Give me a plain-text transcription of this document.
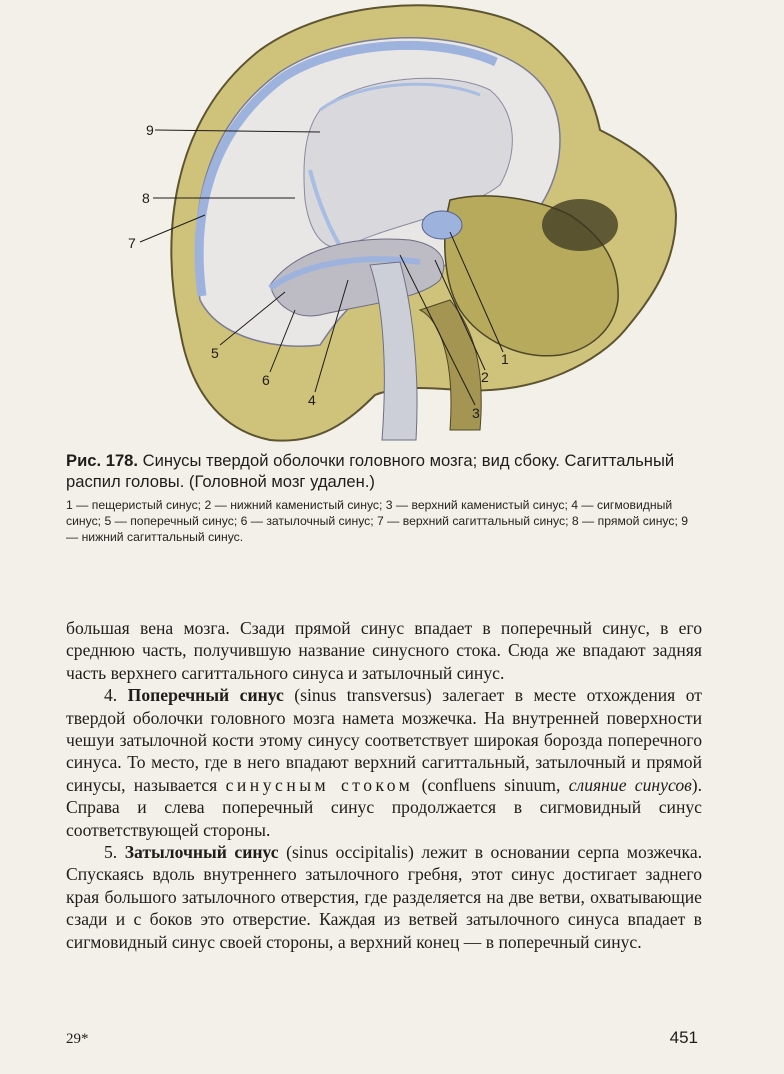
9
8
7
5
6
4
1
2
3

Рис. 178. Синусы твердой оболочки головного мозга; вид сбоку. Сагиттальный распил головы. (Головной мозг удален.)

1 — пещеристый синус; 2 — нижний каменистый синус; 3 — верхний каменистый синус; 4 — сигмовидный синус; 5 — поперечный синус; 6 — затылочный синус; 7 — верхний сагиттальный синус; 8 — прямой синус; 9 — нижний сагиттальный синус.

большая вена мозга. Сзади прямой синус впадает в поперечный синус, в его среднюю часть, получившую название синусного стока. Сюда же впадают задняя часть верхнего сагиттального синуса и затылочный синус.

4. Поперечный синус (sinus transversus) залегает в месте отхождения от твердой оболочки головного мозга намета мозжечка. На внутренней поверхности чешуи затылочной кости этому синусу соответствует широкая борозда поперечного синуса. То место, где в него впадают верхний сагиттальный, затылочный и прямой синусы, называется синусным стоком (confluens sinuum, слияние синусов). Справа и слева поперечный синус продолжается в сигмовидный синус соответствующей стороны.

5. Затылочный синус (sinus occipitalis) лежит в основании серпа мозжечка. Спускаясь вдоль внутреннего затылочного гребня, этот синус достигает заднего края большого затылочного отверстия, где разделяется на две ветви, охватывающие сзади и с боков это отверстие. Каждая из ветвей затылочного синуса впадает в сигмовидный синус своей стороны, а верхний конец — в поперечный синус.

29*	451
